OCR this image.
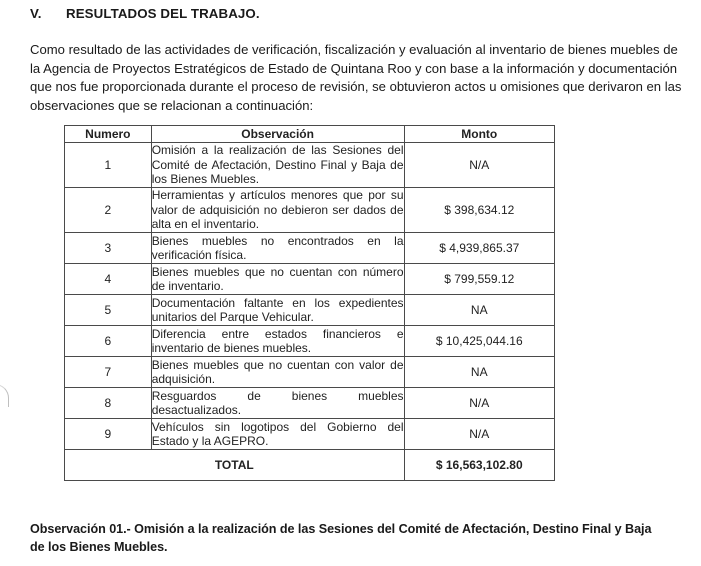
V. RESULTADOS DEL TRABAJO.
Como resultado de las actividades de verificación, fiscalización y evaluación al inventario de bienes muebles de
la Agencia de Proyectos Estratégicos de Estado de Quintana Roo y con base a la información y documentación
que nos fue proporcionada durante el proceso de revisión, se obtuvieron actos u omisiones que derivaron en las
observaciones que se relacionan a continuación:
Numero	Observación	Monto
1	Omisión a la realización de las Sesiones del Comité de Afectación, Destino Final y Baja de los Bienes Muebles.	N/A
2	Herramientas y artículos menores que por su valor de adquisición no debieron ser dados de alta en el inventario.	$ 398,634.12
3	Bienes muebles no encontrados en la verificación física.	$ 4,939,865.37
4	Bienes muebles que no cuentan con número de inventario.	$ 799,559.12
5	Documentación faltante en los expedientes unitarios del Parque Vehicular.	NA
6	Diferencia entre estados financieros e inventario de bienes muebles.	$ 10,425,044.16
7	Bienes muebles que no cuentan con valor de adquisición.	NA
8	Resguardos de bienes muebles desactualizados.	N/A
9	Vehículos sin logotipos del Gobierno del Estado y la AGEPRO.	N/A
TOTAL		$ 16,563,102.80
Observación 01.- Omisión a la realización de las Sesiones del Comité de Afectación, Destino Final y Baja
de los Bienes Muebles.
